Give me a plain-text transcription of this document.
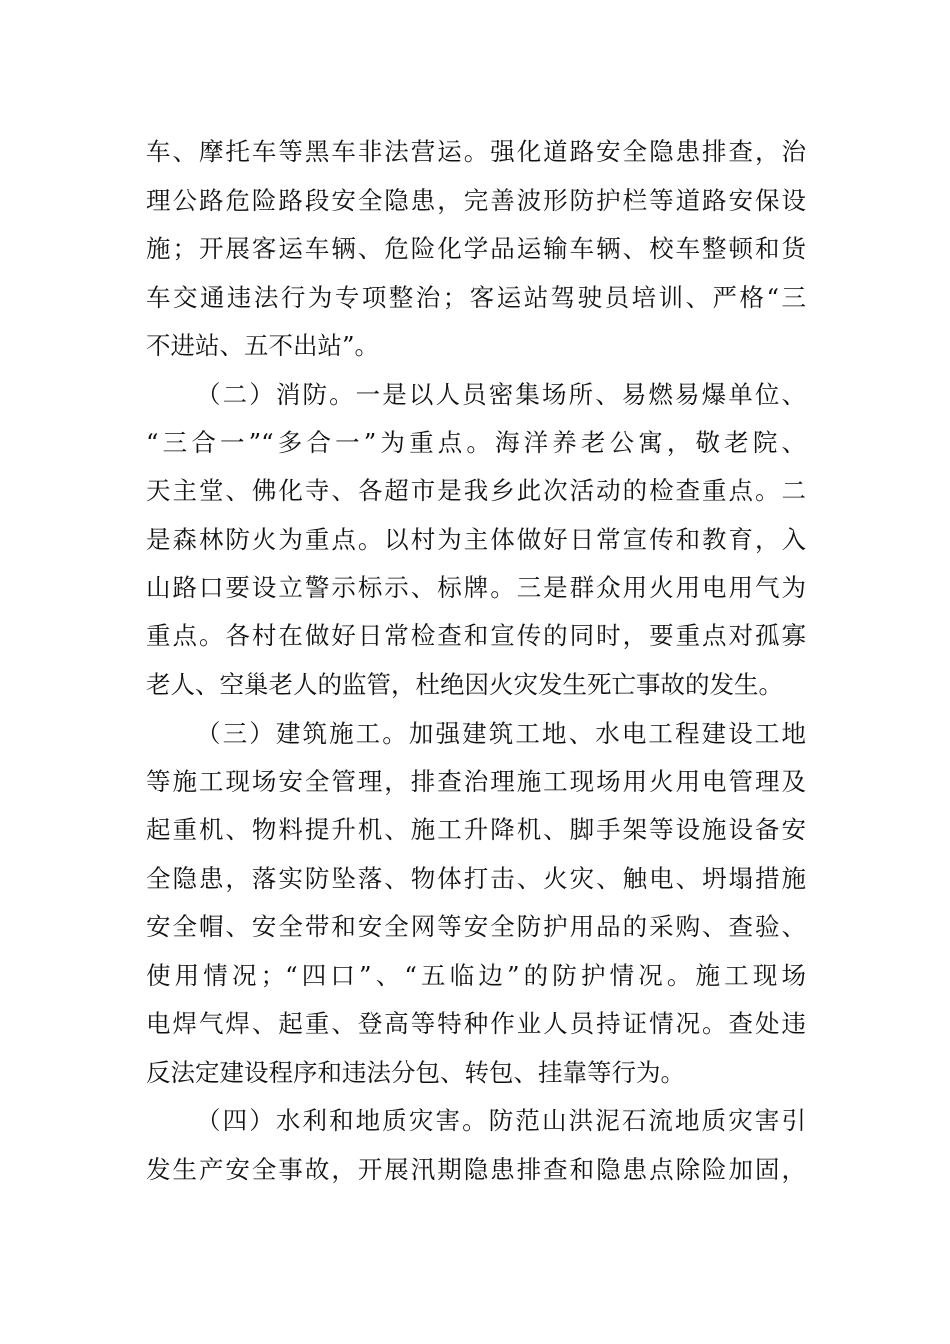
车、摩托车等黑车非法营运。强化道路安全隐患排查，治
理公路危险路段安全隐患，完善波形防护栏等道路安保设
施；开展客运车辆、危险化学品运输车辆、校车整顿和货
车交通违法行为专项整治；客运站驾驶员培训、严格“三
不进站、五不出站”。
（二）消防。一是以人员密集场所、易燃易爆单位、
“三合一”“多合一”为重点。海洋养老公寓，敬老院、
天主堂、佛化寺、各超市是我乡此次活动的检查重点。二
是森林防火为重点。以村为主体做好日常宣传和教育，入
山路口要设立警示标示、标牌。三是群众用火用电用气为
重点。各村在做好日常检查和宣传的同时，要重点对孤寡
老人、空巢老人的监管，杜绝因火灾发生死亡事故的发生。
（三）建筑施工。加强建筑工地、水电工程建设工地
等施工现场安全管理，排查治理施工现场用火用电管理及
起重机、物料提升机、施工升降机、脚手架等设施设备安
全隐患，落实防坠落、物体打击、火灾、触电、坍塌措施
安全帽、安全带和安全网等安全防护用品的采购、查验、
使用情况；“四口”、“五临边”的防护情况。施工现场
电焊气焊、起重、登高等特种作业人员持证情况。查处违
反法定建设程序和违法分包、转包、挂靠等行为。
（四）水利和地质灾害。防范山洪泥石流地质灾害引
发生产安全事故，开展汛期隐患排查和隐患点除险加固，
